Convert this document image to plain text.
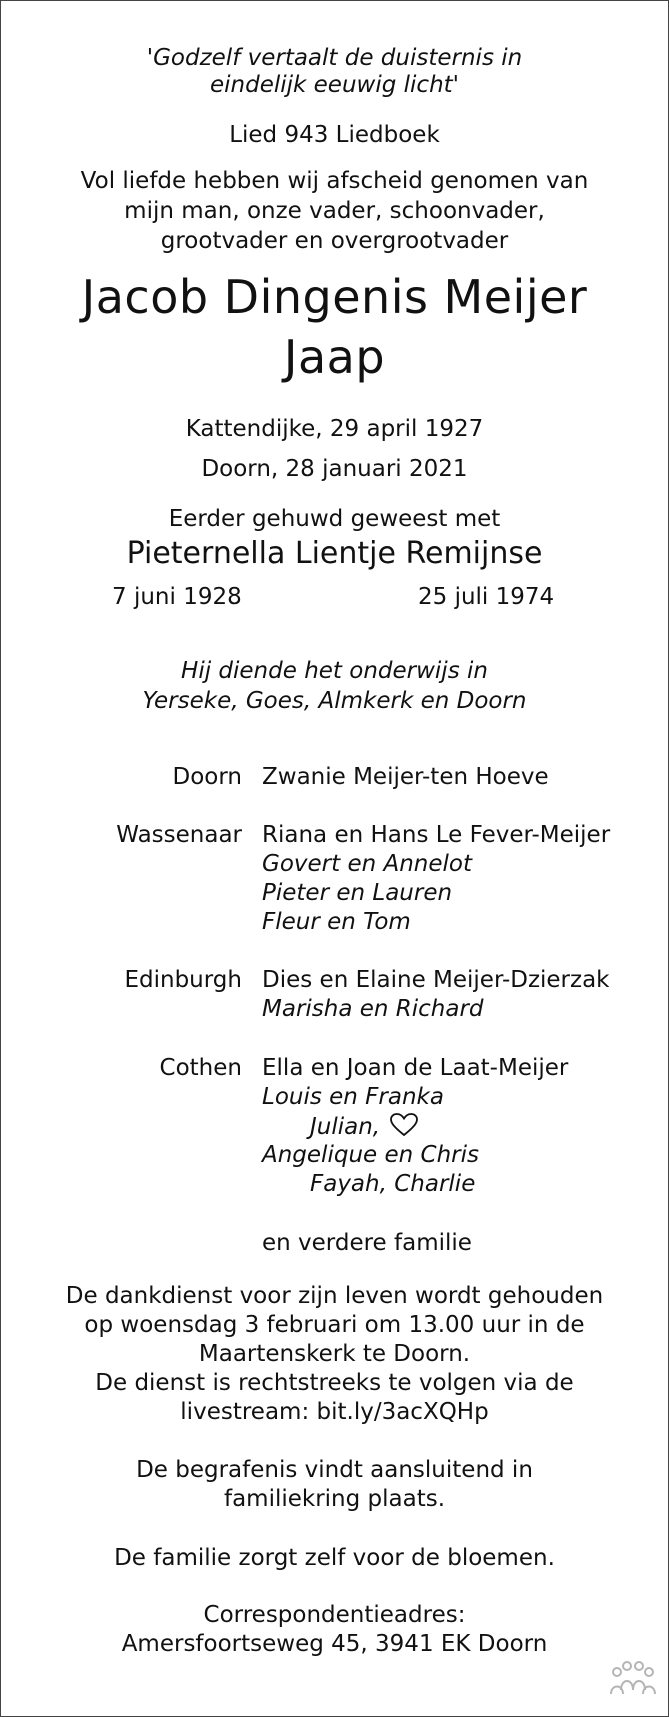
'Godzelf vertaalt de duisternis in
eindelijk eeuwig licht'
Lied 943 Liedboek
Vol liefde hebben wij afscheid genomen van
mijn man, onze vader, schoonvader,
grootvader en overgrootvader
Jacob Dingenis Meijer
Jaap
Kattendijke, 29 april 1927
Doorn, 28 januari 2021
Eerder gehuwd geweest met
Pieternella Lientje Remijnse
7 juni 1928	25 juli 1974
Hij diende het onderwijs in
Yerseke, Goes, Almkerk en Doorn
Doorn Zwanie Meijer-ten Hoeve
Wassenaar Riana en Hans Le Fever-Meijer
Govert en Annelot
Pieter en Lauren
Fleur en Tom
Edinburgh Dies en Elaine Meijer-Dzierzak
Marisha en Richard
Cothen Ella en Joan de Laat-Meijer
Louis en Franka
Julian,
Angelique en Chris
Fayah, Charlie
en verdere familie
De dankdienst voor zijn leven wordt gehouden
op woensdag 3 februari om 13.00 uur in de
Maartenskerk te Doorn.
De dienst is rechtstreeks te volgen via de
livestream: bit.ly/3acXQHp
De begrafenis vindt aansluitend in
familiekring plaats.
De familie zorgt zelf voor de bloemen.
Correspondentieadres:
Amersfoortseweg 45, 3941 EK Doorn
